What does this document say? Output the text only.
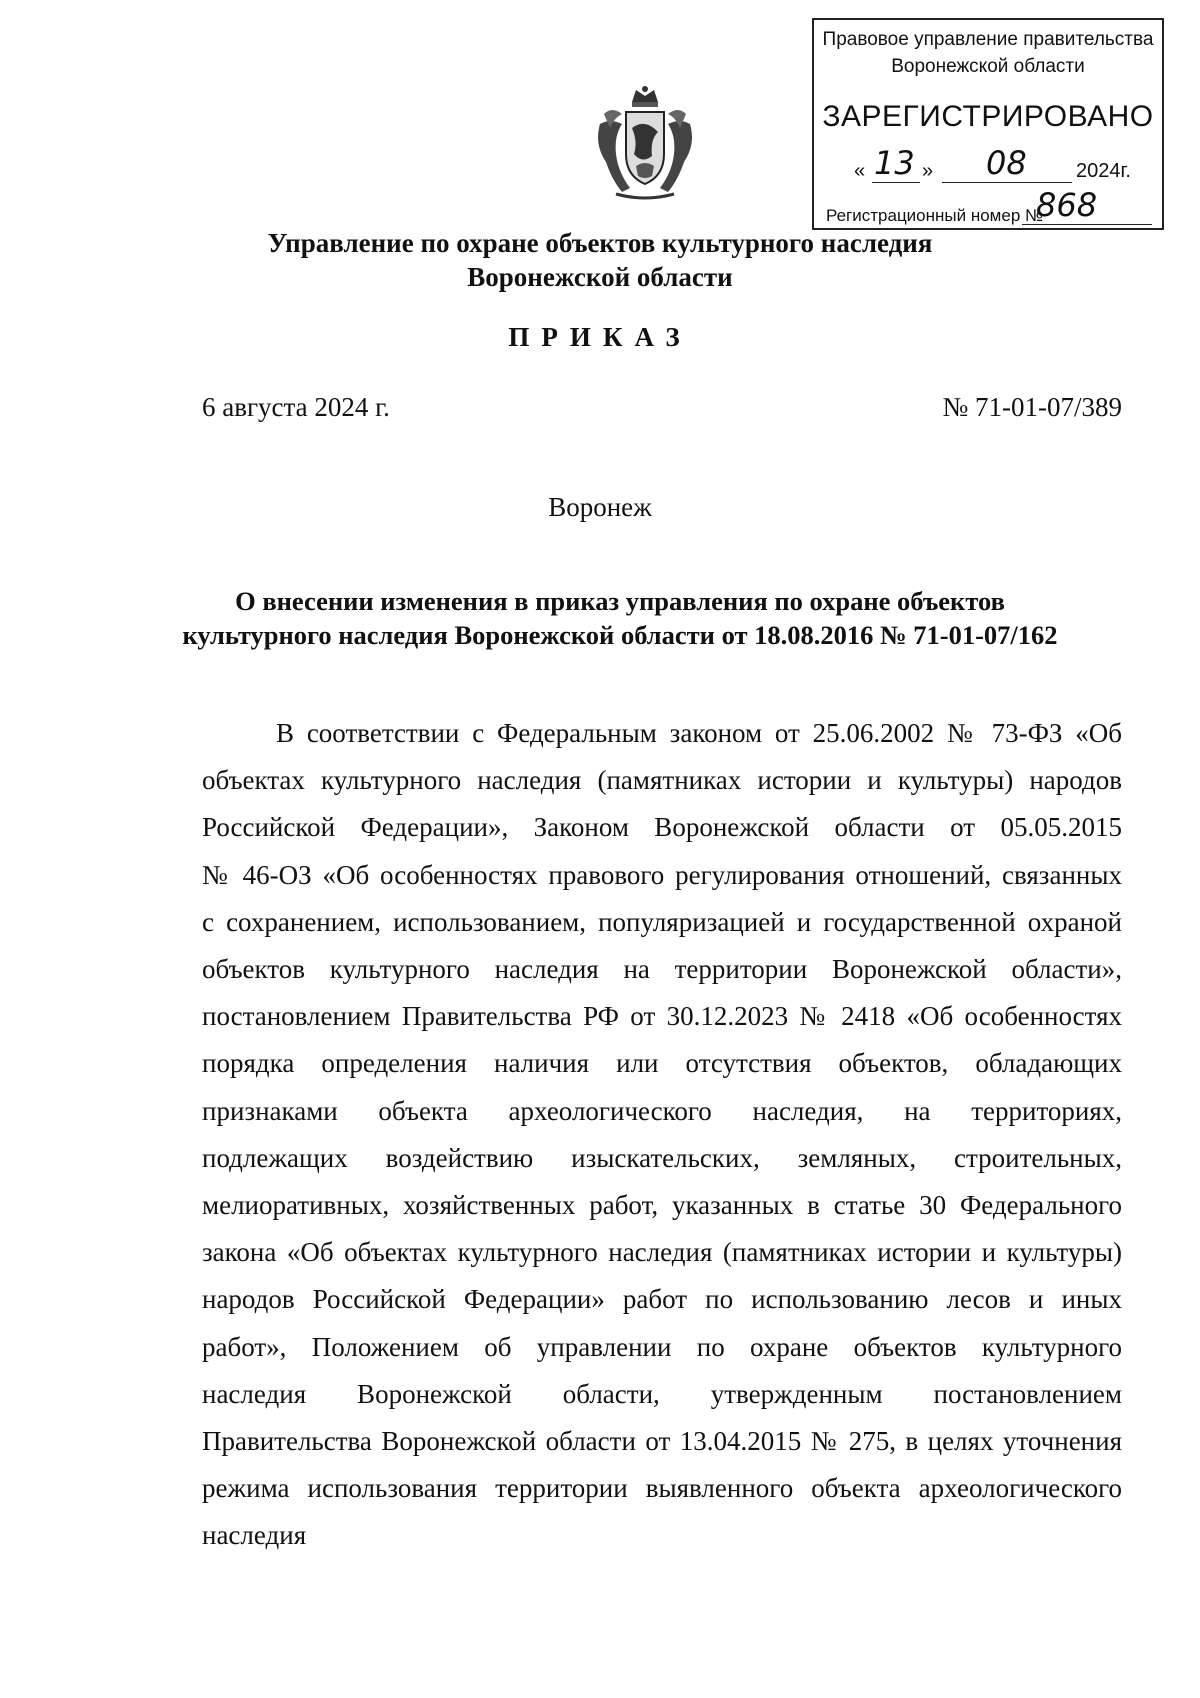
Правовое управление правительства
Воронежской области
ЗАРЕГИСТРИРОВАНО
« 13 » 08 2024г.
Регистрационный номер №
868
Управление по охране объектов культурного наследия
Воронежской области
ПРИКАЗ
6 августа 2024 г.	№ 71-01-07/389
Воронеж
О внесении изменения в приказ управления по охране объектов
культурного наследия Воронежской области от 18.08.2016 № 71-01-07/162
В соответствии с Федеральным законом от 25.06.2002 № 73-ФЗ «Об
объектах культурного наследия (памятниках истории и культуры) народов
Российской Федерации», Законом Воронежской области от 05.05.2015
№ 46-ОЗ «Об особенностях правового регулирования отношений, связанных
с сохранением, использованием, популяризацией и государственной охраной
объектов культурного наследия на территории Воронежской области»,
постановлением Правительства РФ от 30.12.2023 № 2418 «Об особенностях
порядка определения наличия или отсутствия объектов, обладающих
признаками объекта археологического наследия, на территориях,
подлежащих воздействию изыскательских, земляных, строительных,
мелиоративных, хозяйственных работ, указанных в статье 30 Федерального
закона «Об объектах культурного наследия (памятниках истории и культуры)
народов Российской Федерации» работ по использованию лесов и иных
работ», Положением об управлении по охране объектов культурного
наследия Воронежской области, утвержденным постановлением
Правительства Воронежской области от 13.04.2015 № 275, в целях уточнения
режима использования территории выявленного объекта археологического
наследия
